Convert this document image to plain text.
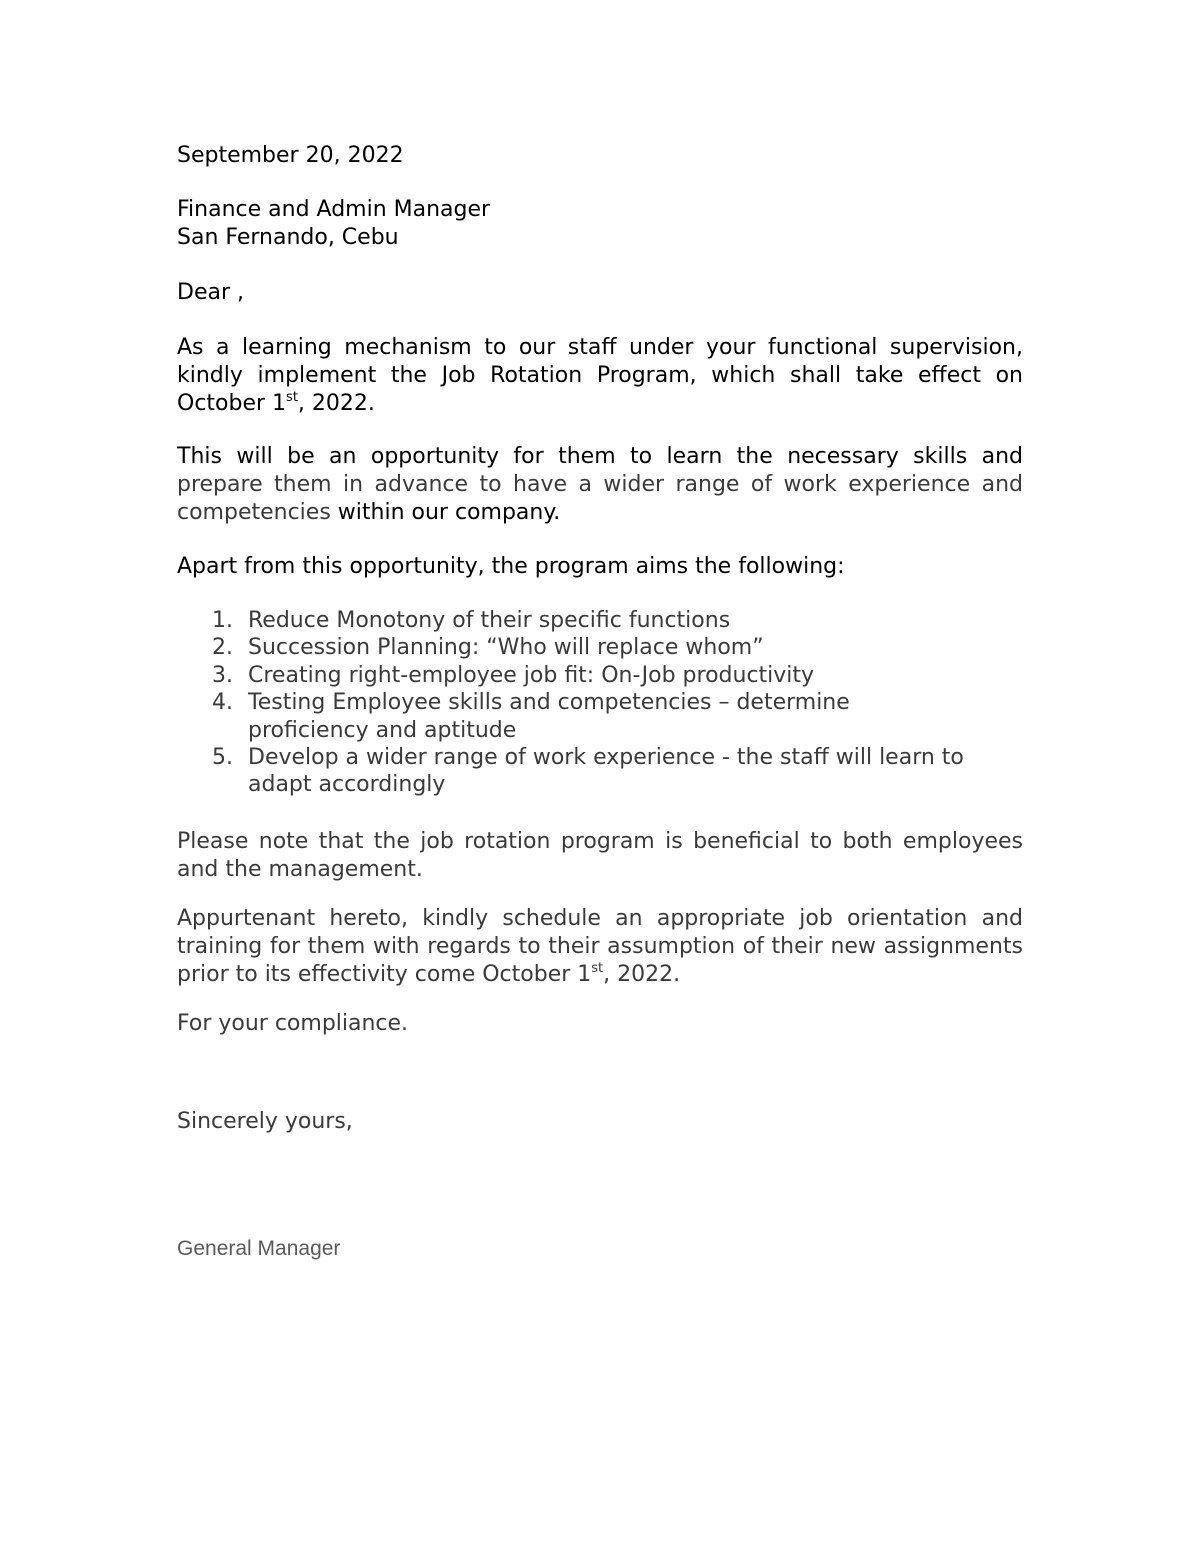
September 20, 2022
Finance and Admin Manager
San Fernando, Cebu
Dear ,
As a learning mechanism to our staff under your functional supervision, kindly implement the Job Rotation Program, which shall take effect on October 1st, 2022.
This will be an opportunity for them to learn the necessary skills and
prepare them in advance to have a wider range of work experience and competencies within our company.
Apart from this opportunity, the program aims the following:
1. Reduce Monotony of their specific functions
2. Succession Planning: “Who will replace whom”
3. Creating right-employee job fit: On-Job productivity
4. Testing Employee skills and competencies – determine proficiency and aptitude
5. Develop a wider range of work experience - the staff will learn to adapt accordingly
Please note that the job rotation program is beneficial to both employees and the management.
Appurtenant hereto, kindly schedule an appropriate job orientation and training for them with regards to their assumption of their new assignments prior to its effectivity come October 1st, 2022.
For your compliance.
Sincerely yours,
General Manager
